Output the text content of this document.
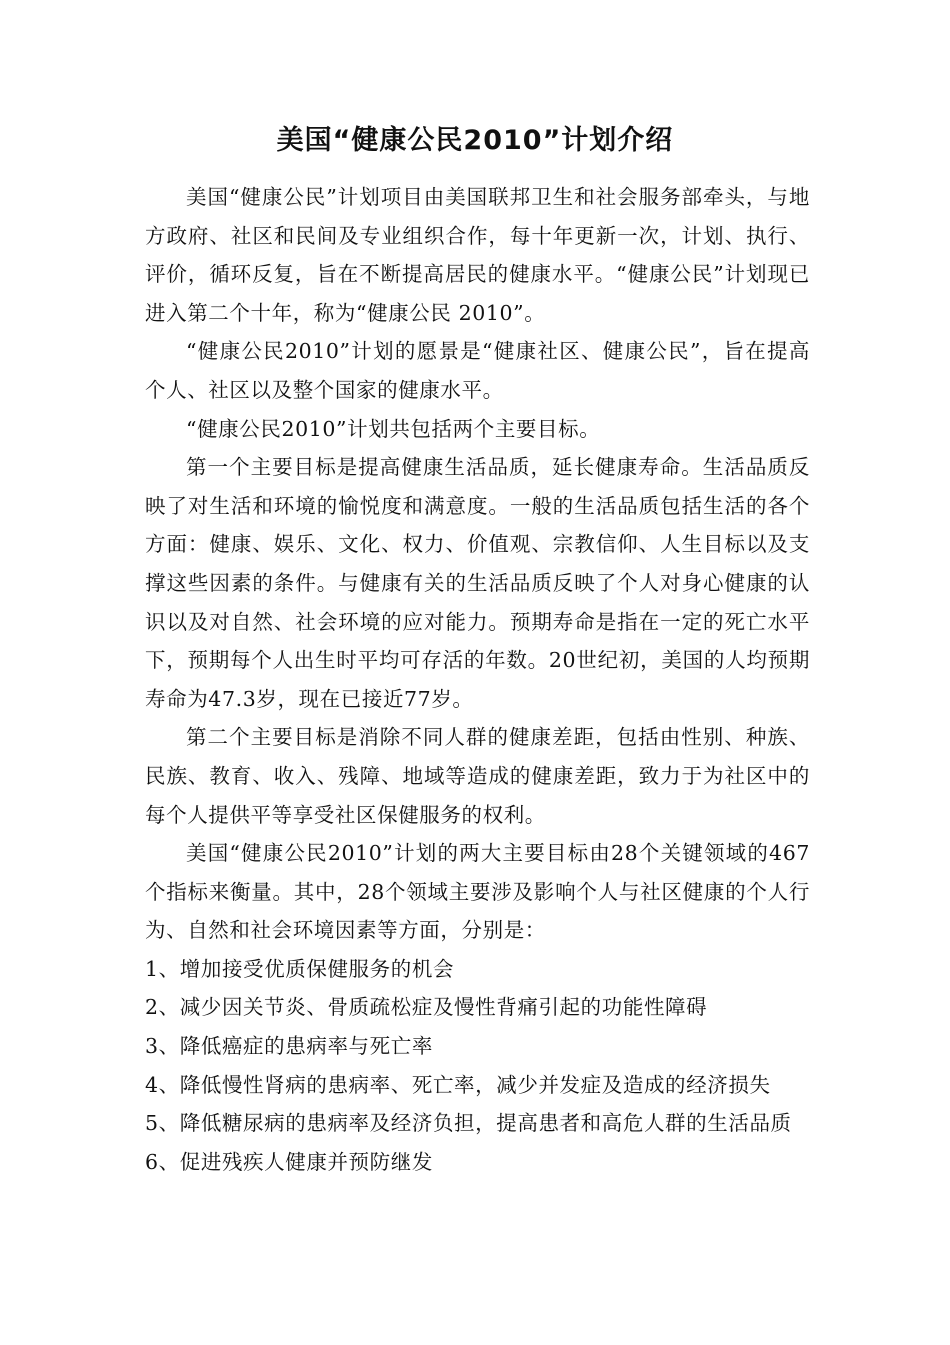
美国“健康公民2010”计划介绍

美国“健康公民”计划项目由美国联邦卫生和社会服务部牵头，与地方政府、社区和民间及专业组织合作，每十年更新一次，计划、执行、评价，循环反复，旨在不断提高居民的健康水平。“健康公民”计划现已进入第二个十年，称为“健康公民 2010”。

“健康公民2010”计划的愿景是“健康社区、健康公民”，旨在提高个人、社区以及整个国家的健康水平。

“健康公民2010”计划共包括两个主要目标。

第一个主要目标是提高健康生活品质，延长健康寿命。生活品质反映了对生活和环境的愉悦度和满意度。一般的生活品质包括生活的各个方面：健康、娱乐、文化、权力、价值观、宗教信仰、人生目标以及支撑这些因素的条件。与健康有关的生活品质反映了个人对身心健康的认识以及对自然、社会环境的应对能力。预期寿命是指在一定的死亡水平下，预期每个人出生时平均可存活的年数。20世纪初，美国的人均预期寿命为47.3岁，现在已接近77岁。

第二个主要目标是消除不同人群的健康差距，包括由性别、种族、民族、教育、收入、残障、地域等造成的健康差距，致力于为社区中的每个人提供平等享受社区保健服务的权利。

美国“健康公民2010”计划的两大主要目标由28个关键领域的467个指标来衡量。其中，28个领域主要涉及影响个人与社区健康的个人行为、自然和社会环境因素等方面，分别是：

1、增加接受优质保健服务的机会

2、减少因关节炎、骨质疏松症及慢性背痛引起的功能性障碍

3、降低癌症的患病率与死亡率

4、降低慢性肾病的患病率、死亡率，减少并发症及造成的经济损失

5、降低糖尿病的患病率及经济负担，提高患者和高危人群的生活品质

6、促进残疾人健康并预防继发
